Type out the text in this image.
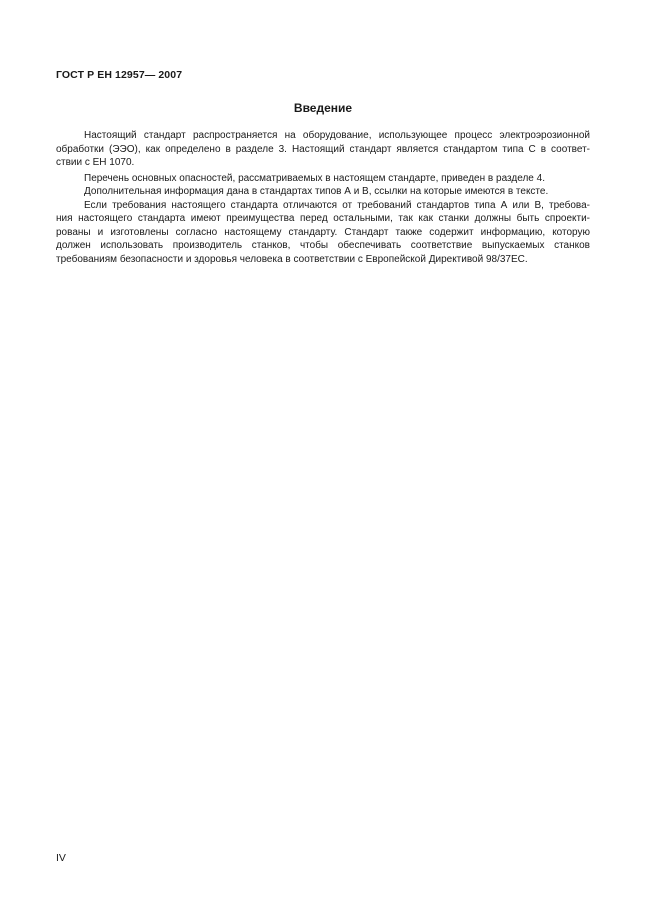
ГОСТ Р ЕН 12957— 2007
Введение

Настоящий стандарт распространяется на оборудование, использующее процесс электроэрозионной
обработки (ЭЭО), как определено в разделе 3. Настоящий стандарт является стандартом типа С в соответ-
ствии с ЕН 1070.

Перечень основных опасностей, рассматриваемых в настоящем стандарте, приведен в разделе 4.

Дополнительная информация дана в стандартах типов А и В, ссылки на которые имеются в тексте.

Если требования настоящего стандарта отличаются от требований стандартов типа А или В, требова-
ния настоящего стандарта имеют преимущества перед остальными, так как станки должны быть спроекти-
рованы и изготовлены согласно настоящему стандарту. Стандарт также содержит информацию, которую
должен использовать производитель станков, чтобы обеспечивать соответствие выпускаемых станков
требованиям безопасности и здоровья человека в соответствии с Европейской Директивой 98/37ЕС.

IV
